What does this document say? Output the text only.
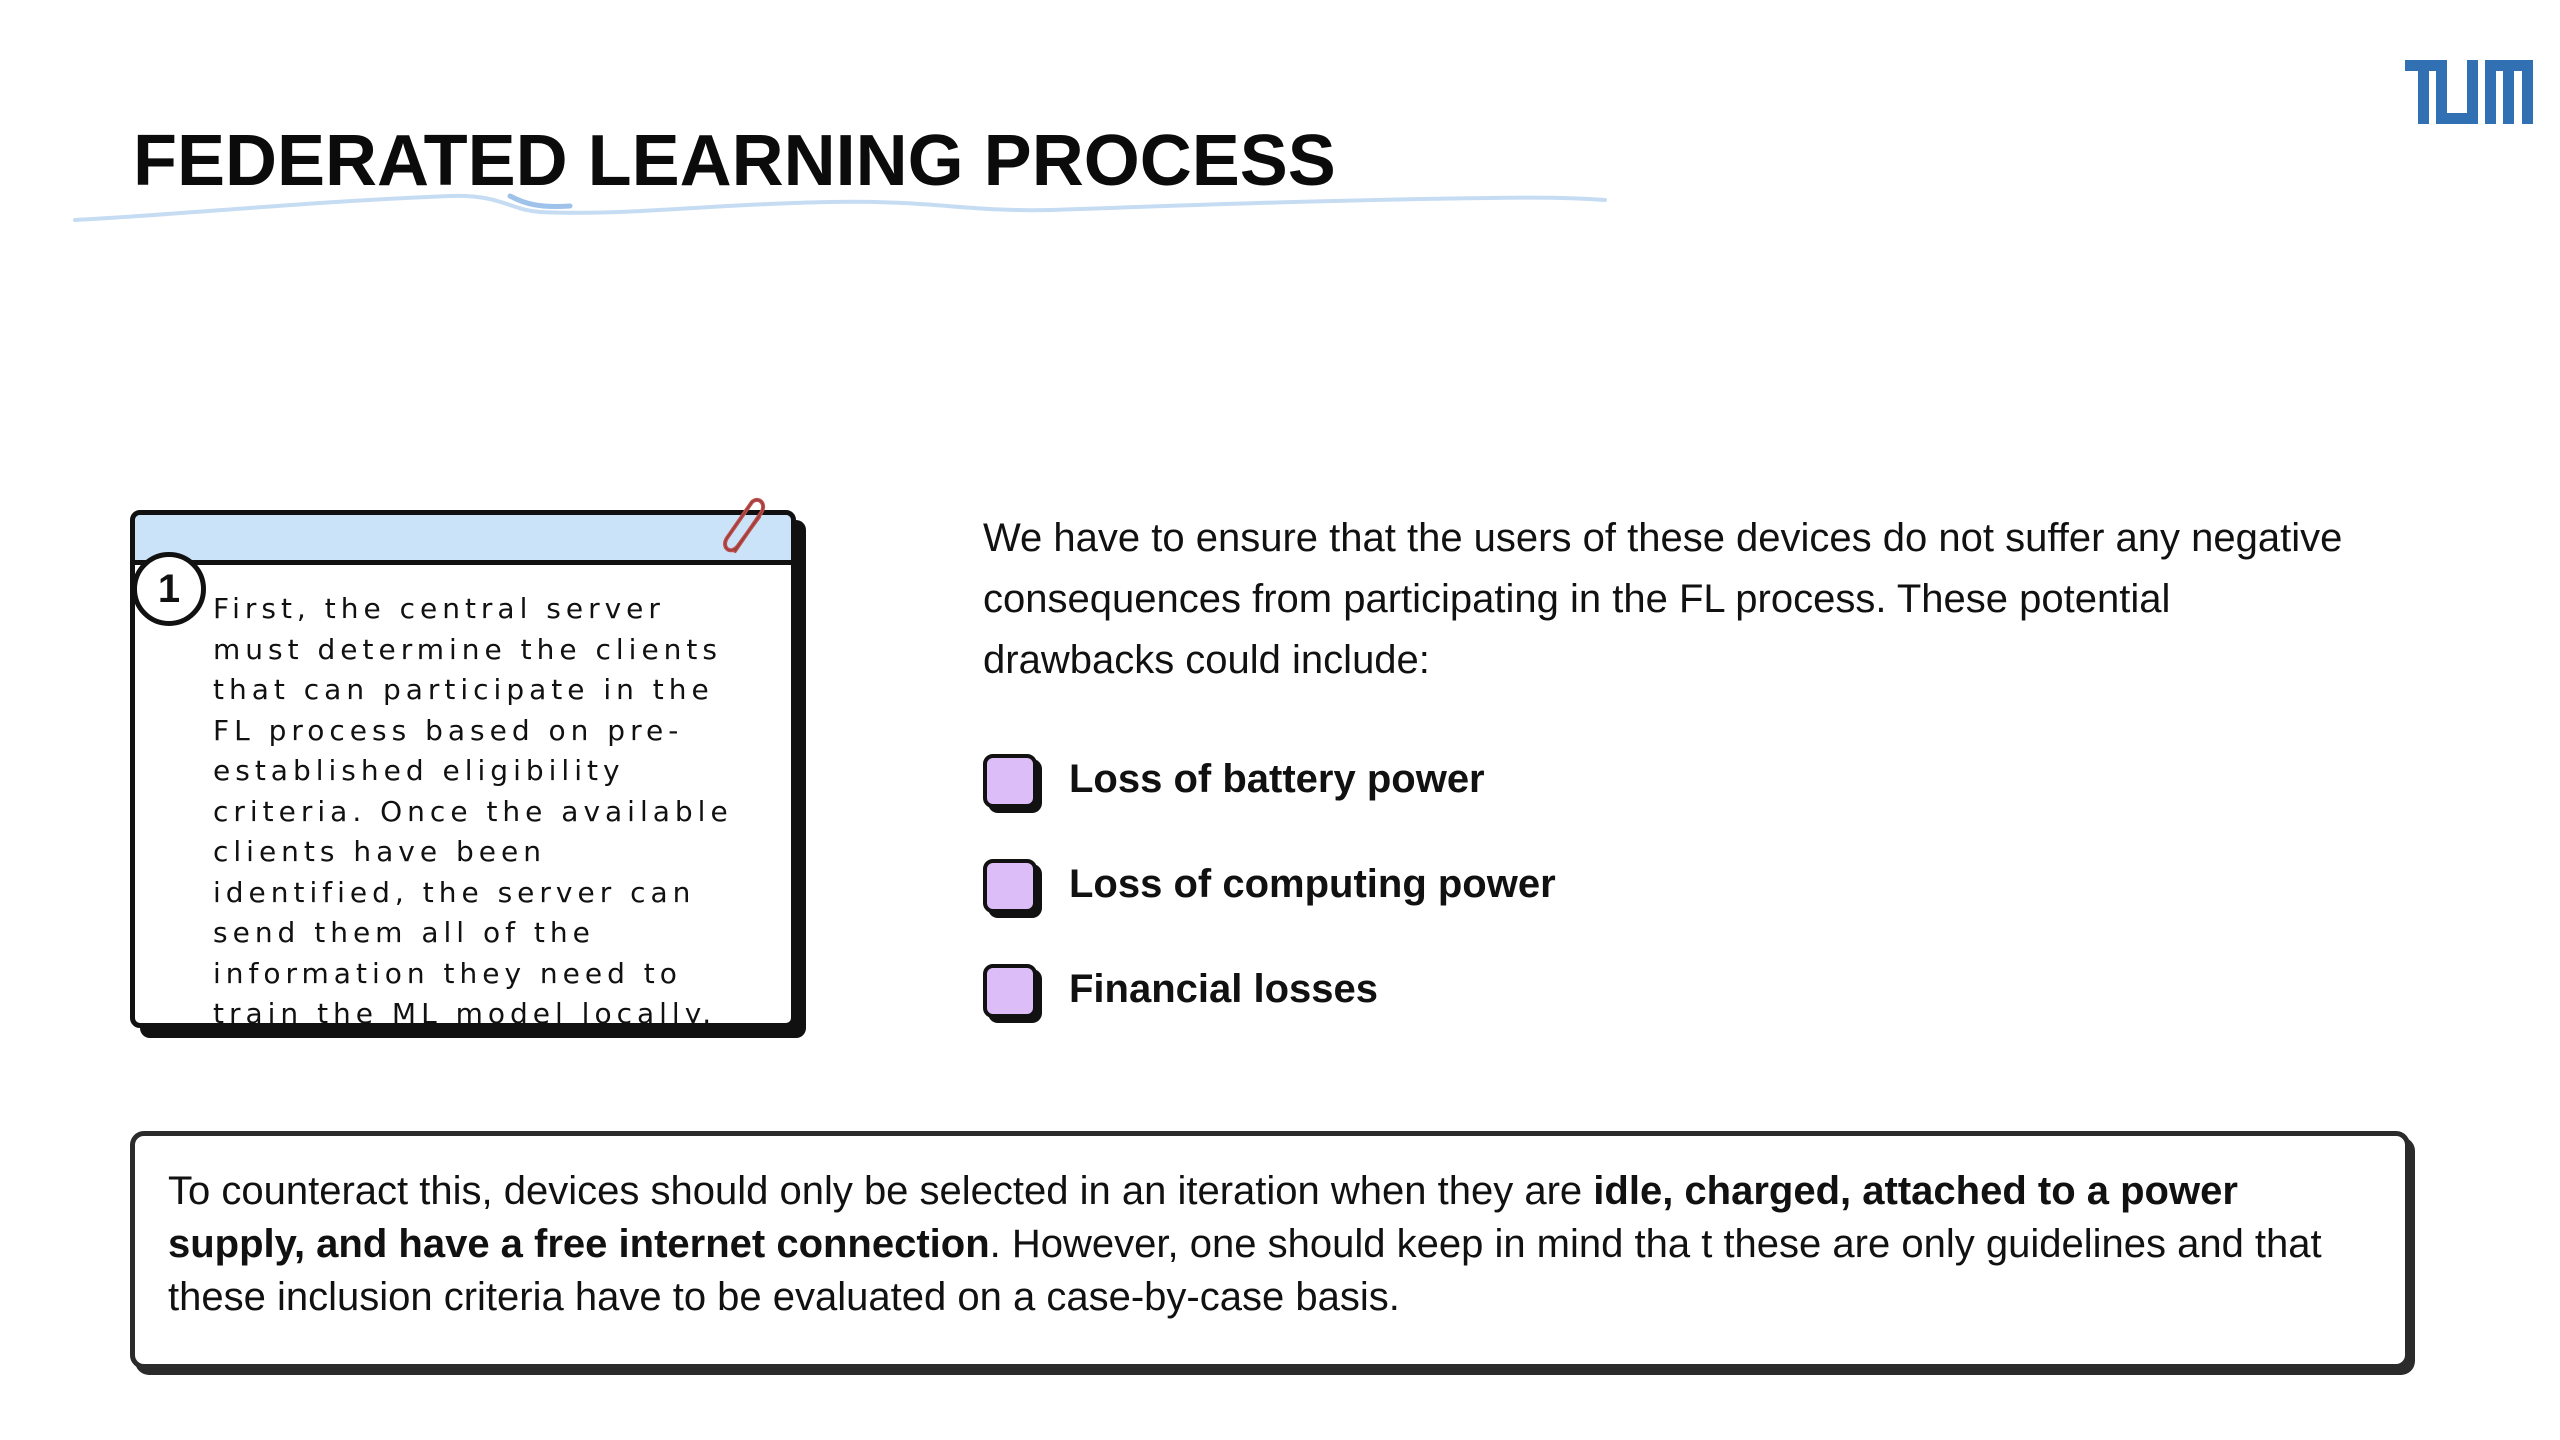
FEDERATED LEARNING PROCESS
1	First, the central server must determine the clients that can participate in the FL process based on pre-established eligibility criteria. Once the available clients have been identified, the server can send them all of the information they need to train the ML model locally.

We have to ensure that the users of these devices do not suffer any negative consequences from participating in the FL process. These potential drawbacks could include:

Loss of battery power
Loss of computing power
Financial losses

To counteract this, devices should only be selected in an iteration when they are idle, charged, attached to a power supply, and have a free internet connection. However, one should keep in mind tha t these are only guidelines and that these inclusion criteria have to be evaluated on a case-by-case basis.
